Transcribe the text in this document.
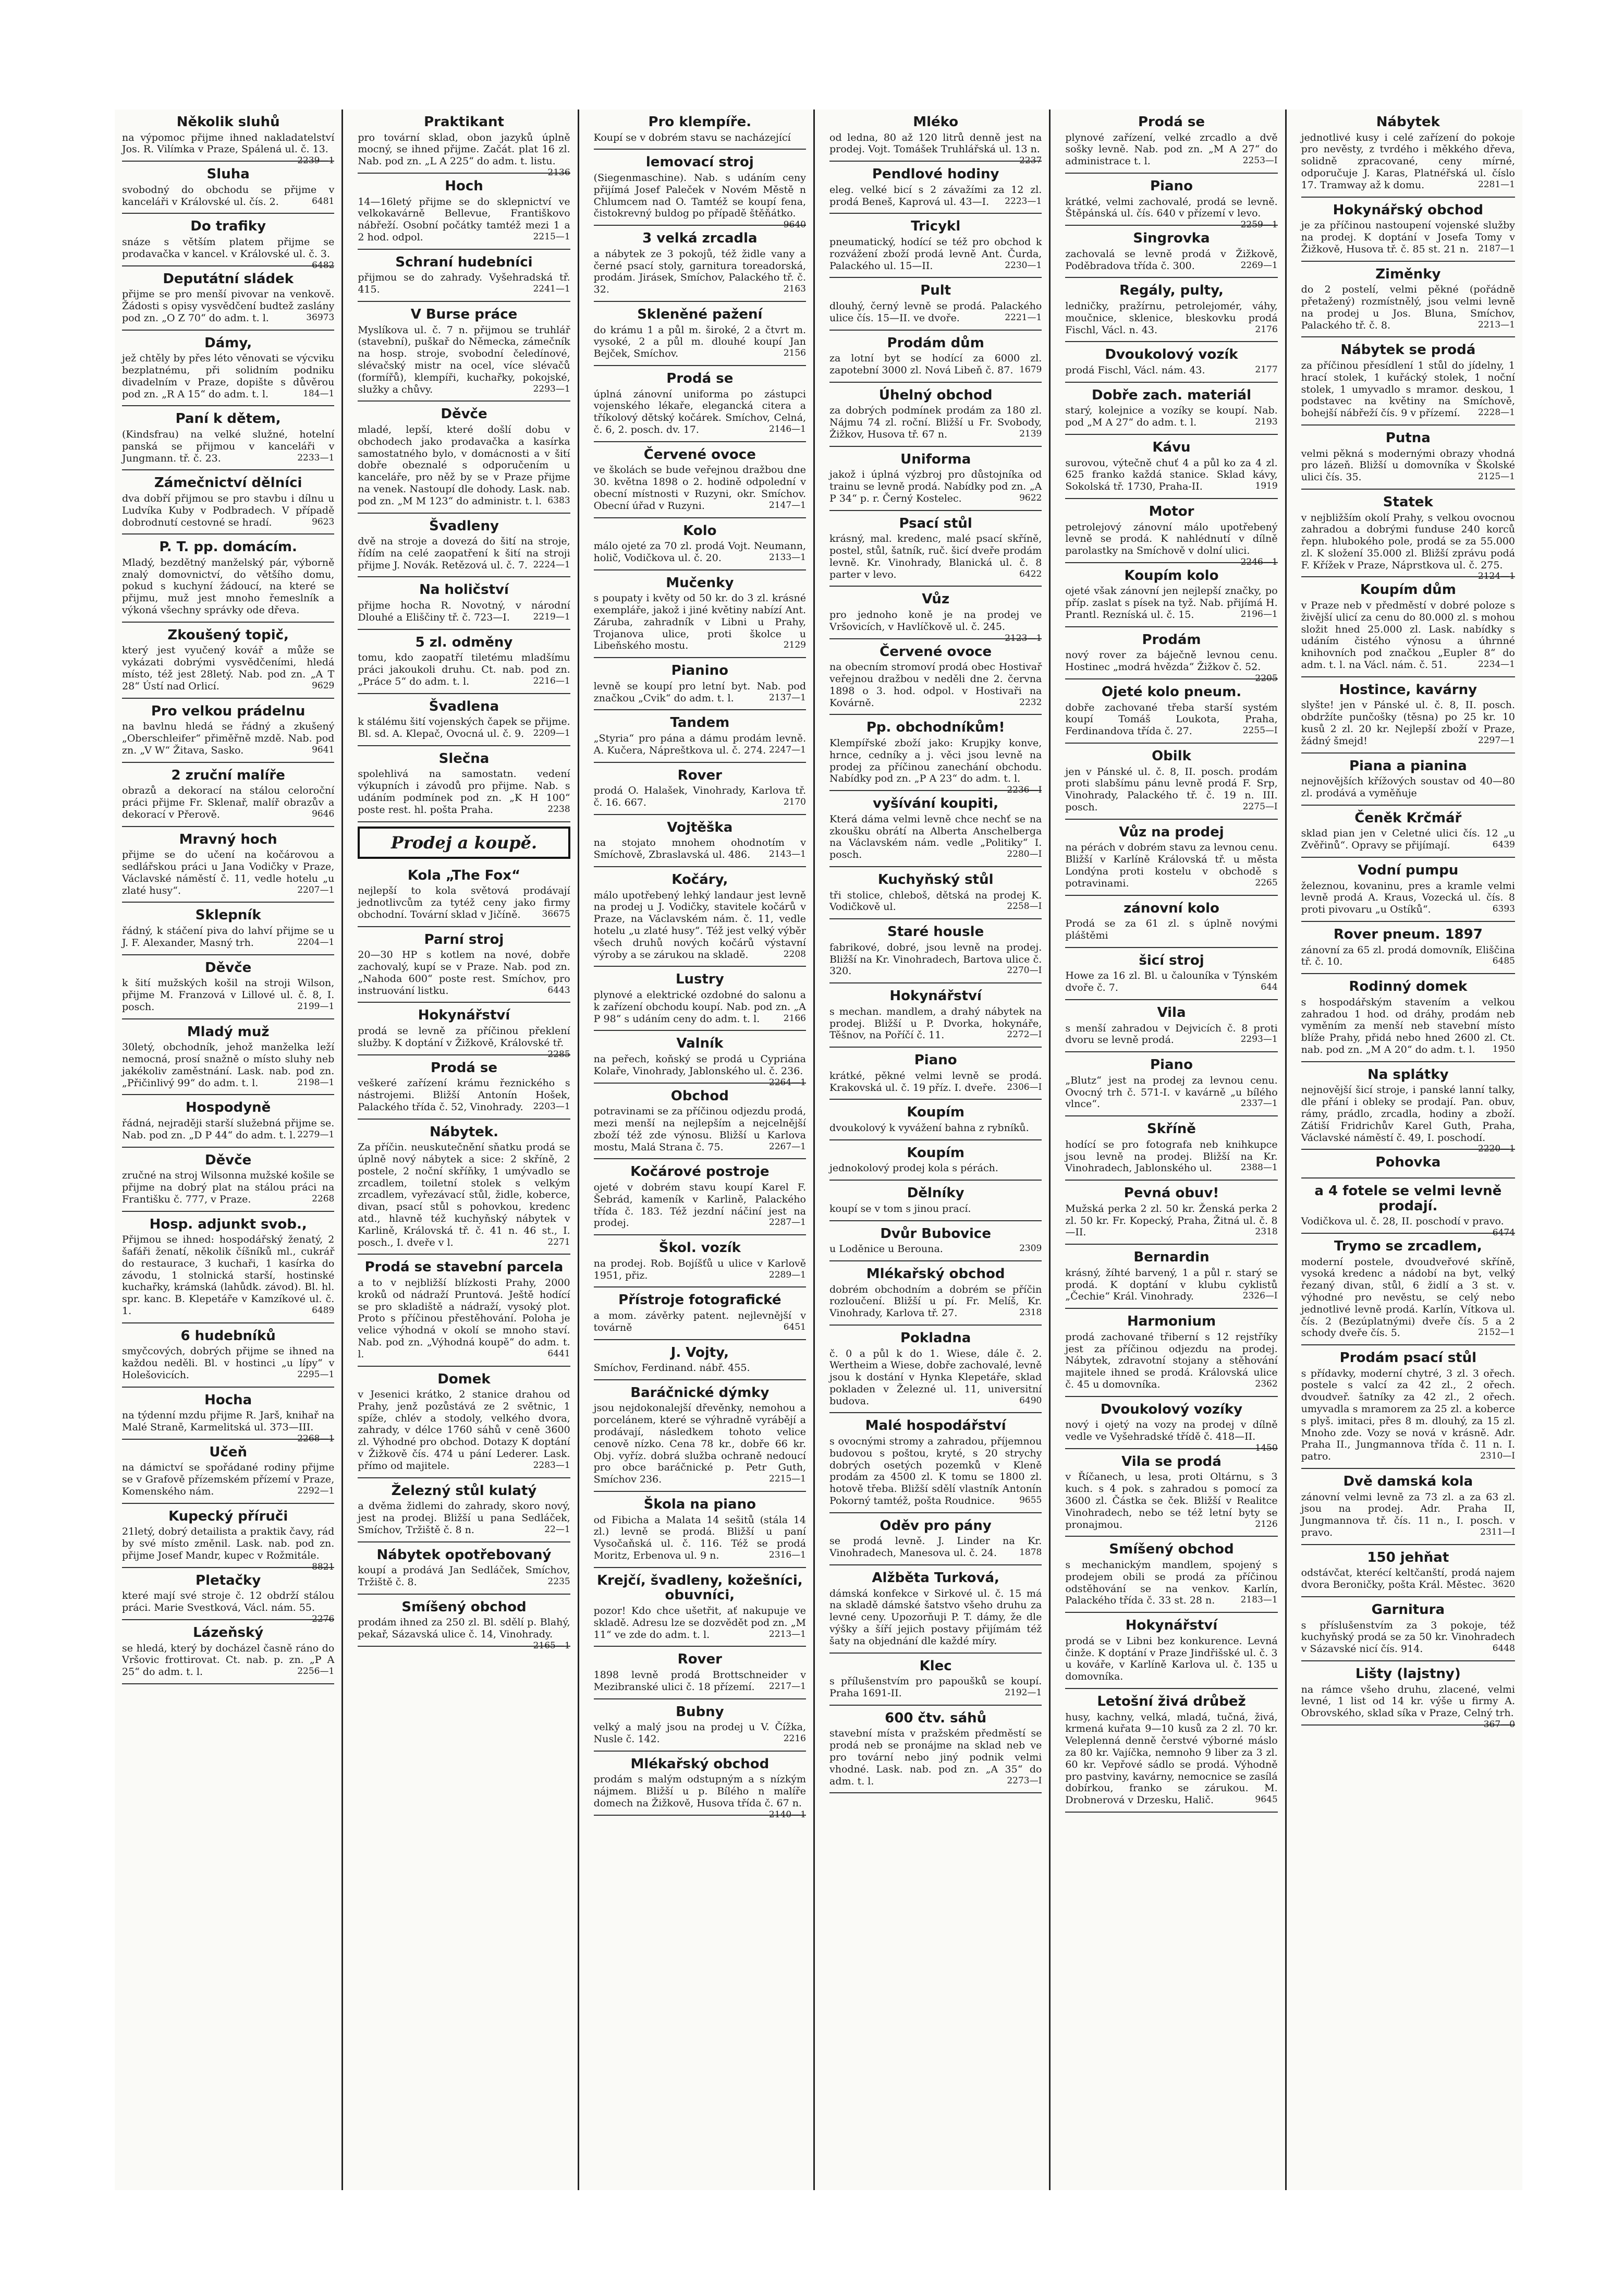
Několik sluhů
na výpomoc přijme ihned nakladatelství Jos. R. Vilímka v Praze, Spálená ul. č. 13.
2239—1
Sluha
svobodný do obchodu se přijme v kanceláři v Královské ul. čís. 2.	6481
Do trafiky
snáze s větším platem přijme se prodavačka v kancel. v Královské ul. č. 3.
6482
Deputátní sládek
přijme se pro menší pivovar na venkově. Žádosti s opisy vysvědčení budtež zaslány pod zn. „O Z 70“ do adm. t. l.	36973
Dámy,
jež chtěly by přes léto věnovati se výcviku bezplatnému, při solidním podniku divadelním v Praze, dopište s důvěrou pod zn. „R A 15“ do adm. t. l.	184—1
Paní k dětem,
(Kindsfrau) na velké služné, hotelní panská se přijmou v kanceláři v Jungmann. tř. č. 23.	2233—1
Zámečnictví dělníci
dva dobří přijmou se pro stavbu i dílnu u Ludvíka Kuby v Podbradech. V případě dobrodnutí cestovné se hradí.	9623
P. T. pp. domácím.
Mladý, bezdětný manželský pár, výborně znalý domovnictví, do většího domu, pokud s kuchyní žádoucí, na které se přijmu, muž jest mnoho řemeslník a výkoná všechny správky ode dřeva.
Zkoušený topič,
který jest vyučený kovář a může se vykázati dobrými vysvědčeními, hledá místo, též jest 28letý. Nab. pod zn. „A T 28“ Ústí nad Orlicí.	9629
Pro velkou prádelnu
na bavlnu hledá se řádný a zkušený „Oberschleifer“ přiměřně mzdě. Nab. pod zn. „V W“ Žitava, Sasko.	9641
2 zruční malíře
obrazů a dekorací na stálou celoroční práci přijme Fr. Sklenař, malíř obrazův a dekorací v Přerově.	9646
Mravný hoch
přijme se do učení na kočárovou a sedlářskou práci u Jana Vodičky v Praze, Václavské náměstí č. 11, vedle hotelu „u zlaté husy“.	2207—1
Sklepník
řádný, k stáčení piva do lahví přijme se u J. F. Alexander, Masný trh.	2204—1
Děvče
k šití mužských košil na stroji Wilson, přijme M. Franzová v Lillové ul. č. 8, I. posch.	2199—1
Mladý muž
30letý, obchodník, jehož manželka leží nemocná, prosí snažně o místo sluhy neb jakékoliv zaměstnání. Lask. nab. pod zn. „Přičinlivý 99“ do adm. t. l.	2198—1
Hospodyně
řádná, nejraději starší služebná přijme se. Nab. pod zn. „D P 44“ do adm. t. l. 2279—1
Děvče
zručné na stroj Wilsonna mužské košile se přijme na dobrý plat na stálou práci na Františku č. 777, v Praze.	2268
Hosp. adjunkt svob.,
Přijmou se ihned: hospodářský ženatý, 2 šafáři ženatí, několik číšníků ml., cukrář do restaurace, 3 kuchaři, 1 kasírka do závodu, 1 stolnická starší, hostinské kuchařky, krámská (lahůdk. závod). Bl. hl. spr. kanc. B. Klepetáře v Kamzíkové ul. č. 1.	6489
6 hudebníků
smyčcových, dobrých přijme se ihned na každou neděli. Bl. v hostinci „u lípy“ v Holešovicích.	2295—1
Hocha
na týdenní mzdu přijme R. Jarš, knihař na Malé Straně, Karmelitská ul. 373—III.
2268—1
Učeň
na dámictví se spořádané rodiny přijme se v Grafově přízemském přízemí v Praze, Komenského nám.	2292—1
Kupecký příruči
21letý, dobrý detailista a praktik čavy, rád by své místo změnil. Lask. nab. pod zn. přijme Josef Mandr, kupec v Rožmitále.
8821
Pletačky
které mají své stroje č. 12 obdrží stálou práci. Marie Svestková, Václ. nám. 55.
2276
Lázeňský
se hledá, který by docházel časně ráno do Vršovic frottirovat. Ct. nab. p. zn. „P A 25“ do adm. t. l.	2256—1
Praktikant
pro tovární sklad, obon jazyků úplně mocný, se ihned přijme. Začát. plat 16 zl. Nab. pod zn. „L A 225“ do adm. t. listu.
2136
Hoch
14—16letý přijme se do sklepnictví ve velkokavárně Bellevue, Františkovo nábřeží. Osobní počátky tamtéž mezi 1 a 2 hod. odpol.	2215—1
Schraní hudebníci
přijmou se do zahrady. Vyšehradská tř. 415.	2241—1
V Burse práce
Myslíkova ul. č. 7 n. přijmou se truhlář (stavební), puškař do Německa, zámečník na hosp. stroje, svobodní čeledínové, slévačský mistr na ocel, více slévačů (formířů), klempíři, kuchařky, pokojské, služky a chůvy.	2293—1
Děvče
mladé, lepší, které došlí dobu v obchodech jako prodavačka a kasírka samostatného bylo, v domácnosti a v šití dobře obeznalé s odporučením u kanceláře, pro něž by se v Praze přijme na venek. Nastoupí dle dohody. Lask. nab. pod zn. „M M 123“ do administr. t. l. 6383
Švadleny
dvě na stroje a dovezá do šití na stroje, řídím na celé zaopatření k šití na stroji přijme J. Novák. Retězová ul. č. 7. 2224—1
Na holičství
přijme hocha R. Novotný, v národní Dlouhé a Eliščiny tř. č. 723—I.	2219—1
5 zl. odměny
tomu, kdo zaopatří tiletému mladšímu práci jakoukoli druhu. Ct. nab. pod zn. „Práce 5“ do adm. t. l.	2216—1
Švadlena
k stálému šití vojenských čapek se přijme. Bl. sd. A. Klepač, Ovocná ul. č. 9. 2209—1
Slečna
spolehlivá na samostatn. vedení výkupních i závodů pro přijme. Nab. s udáním podmínek pod zn. „K H 100“ poste rest. hl. pošta Praha.	2238
Prodej a koupě.
Kola „The Fox“
nejlepší to kola světová prodávají jednotlivcům za tytéž ceny jako firmy obchodní. Tovární sklad v Jičíně. 36675
Parní stroj
20—30 HP s kotlem na nové, dobře zachovalý, kupí se v Praze. Nab. pod zn. „Nahoda 600“ poste rest. Smíchov, pro instruování listku.	6443
Hokynářství
prodá se levně za příčinou překlení služby. K doptání v Žižkově, Královské tř.
2285
Prodá se
veškeré zařízení krámu řeznického s nástrojemi. Bližší Antonín Hošek, Palackého třída č. 52, Vinohrady. 2203—1
Nábytek.
Za příčin. neuskutečnění sňatku prodá se úplně nový nábytek a sice: 2 skříně, 2 postele, 2 noční skříňky, 1 umývadlo se zrcadlem, toiletní stolek s velkým zrcadlem, vyřezávací stůl, židle, koberce, divan, psací stůl s pohovkou, kredenc atd., hlavně též kuchyňský nábytek v Karlině, Královská tř. č. 41 n. 46 st., I. posch., I. dveře v l.	2271
Prodá se stavební parcela
a to v nejbližší blízkosti Prahy, 2000 kroků od nádraží Pruntová. Ještě hodící se pro skladiště a nádraží, vysoký plot. Proto s příčinou přestěhování. Poloha je velice výhodná v okolí se mnoho staví. Nab. pod zn. „Výhodná koupě“ do adm. t. l.	6441
Domek
v Jesenici krátko, 2 stanice drahou od Prahy, jenž pozůstává ze 2 světnic, 1 spíže, chlév a stodoly, velkého dvora, zahrady, v délce 1760 sáhů v ceně 3600 zl. Výhodné pro obchod. Dotazy K doptání v Žižkově čís. 474 u pání Lederer. Lask. přímo od majitele.	2283—1
Železný stůl kulatý
a dvěma židlemi do zahrady, skoro nový, jest na prodej. Bližší u pana Sedláček, Smíchov, Tržiště č. 8 n.	22—1
Nábytek opotřebovaný
koupí a prodává Jan Sedláček, Smíchov, Tržiště č. 8.	2235
Smíšený obchod
prodám ihned za 250 zl. Bl. sdělí p. Blahý, pekař, Sázavská ulice č. 14, Vinohrady.
2165—1
Pro klempíře.
Koupí se v dobrém stavu se nacházející
lemovací stroj
(Siegenmaschine). Nab. s udáním ceny přijímá Josef Paleček v Novém Městě n Chlumcem nad O. Tamtéž se koupí fena, čistokrevný buldog po případě štěňátko.
9640
3 velká zrcadla
a nábytek ze 3 pokojů, též židle vany a černé psací stoly, garnitura toreadorská, prodám. Jirásek, Smíchov, Palackého tř. č. 32.	2163
Skleněné pažení
do krámu 1 a půl m. široké, 2 a čtvrt m. vysoké, 2 a půl m. dlouhé koupí Jan Bejček, Smíchov.	2156
Prodá se
úplná zánovní uniforma po zástupci vojenského lékaře, elegancká citera a tříkolový dětský kočárek. Smíchov, Celná, č. 6, 2. posch. dv. 17.	2146—1
Červené ovoce
ve školách se bude veřejnou dražbou dne 30. května 1898 o 2. hodině odpolední v obecní místnosti v Ruzyni, okr. Smíchov. Obecní úřad v Ruzyni.	2147—1
Kolo
málo ojeté za 70 zl. prodá Vojt. Neumann, holič, Vodičkova ul. č. 20.	2133—1
Mučenky
s poupaty i květy od 50 kr. do 3 zl. krásné exempláře, jakož i jiné květiny nabízí Ant. Záruba, zahradník v Libni u Prahy, Trojanova ulice, proti školce u Libeňského mostu.	2129
Pianino
levně se koupí pro letní byt. Nab. pod značkou „Cvik“ do adm. t. l.	2137—1
Tandem
„Styria“ pro pána a dámu prodám levně. A. Kučera, Nápreštkova ul. č. 274. 2247—1
Rover
prodá O. Halašek, Vinohrady, Karlova tř. č. 16. 667.	2170
Vojtěška
na stojato mnohem ohodnotím v Smíchově, Zbraslavská ul. 486. 2143—1
Kočáry,
málo upotřebený lehký landaur jest levně na prodej u J. Vodičky, stavitele kočárů v Praze, na Václavském nám. č. 11, vedle hotelu „u zlaté husy“. Též jest velký výběr všech druhů nových kočárů výstavní výroby a se zárukou na skladě.	2208
Lustry
plynové a elektrické ozdobné do salonu a k zařízení obchodu koupí. Nab. pod zn. „A P 98“ s udáním ceny do adm. t. l.	2166
Valník
na peřech, koňský se prodá u Cypriána Kolaře, Vinohrady, Jablonského ul. č. 236.
2264—1
Obchod
potravinami se za příčinou odjezdu prodá, mezi menší na nejlepším a nejcelnější zboží též zde výnosu. Bližší u Karlova mostu, Malá Strana č. 75.	2267—1
Kočárové postroje
ojeté v dobrém stavu koupí Karel F. Šebrád, kameník v Karlině, Palackého třída č. 183. Též jezdní náčiní jest na prodej.	2287—1
Škol. vozík
na prodej. Rob. Bojíšťů u ulice v Karlově 1951, přiz.	2289—1
Přístroje fotografické
a mom. závěrky patent. nejlevnější v továrně	6451
J. Vojty,
Smíchov, Ferdinand. nábř. 455.
Baráčnické dýmky
jsou nejdokonalejší dřevěnky, nemohou a porcelánem, které se výhradně vyrábějí a prodávají, následkem tohoto velice cenově nízko. Cena 78 kr., dobře 66 kr. Obj. vyříz. dobrá služba ochraně nedoucí pro obce baráčnické p. Petr Guth, Smíchov 236.	2215—1
Škola na piano
od Fibicha a Malata 14 sešitů (stála 14 zl.) levně se prodá. Bližší u paní Vysočaňská ul. č. 116. Též se prodá Moritz, Erbenova ul. 9 n.	2316—1
Krejčí, švadleny, kožešníci, obuvníci,
pozor! Kdo chce ušetřit, ať nakupuje ve skladě. Adresu lze se dozvědět pod zn. „M 11“ ve zde do adm. t. l.	2213—1
Rover
1898 levně prodá Brottschneider v Mezibranské ulici č. 18 přízemí. 2217—1
Bubny
velký a malý jsou na prodej u V. Čížka, Nusle č. 142.	2216
Mlékařský obchod
prodám s malým odstupným a s nízkým nájmem. Bližší u p. Bílého n malíře domech na Žižkově, Husova třída č. 67 n.
2140—1
Mléko
od ledna, 80 až 120 litrů denně jest na prodej. Vojt. Tomášek Truhlářská ul. 13 n.
2237
Pendlové hodiny
eleg. velké bicí s 2 závažími za 12 zl. prodá Beneš, Kaprová ul. 43—I. 2223—1
Tricykl
pneumatický, hodící se též pro obchod k rozvážení zboží prodá levně Ant. Čurda, Palackého ul. 15—II.	2230—1
Pult
dlouhý, černý levně se prodá. Palackého ulice čís. 15—II. ve dvoře.	2221—1
Prodám dům
za lotní byt se hodící za 6000 zl. zapotební 3000 zl. Nová Libeň č. 87. 1679
Úhelný obchod
za dobrých podmínek prodám za 180 zl. Nájmu 74 zl. roční. Bližší u Fr. Svobody, Žižkov, Husova tř. 67 n.	2139
Uniforma
jakož i úplná výzbroj pro důstojníka od trainu se levně prodá. Nabídky pod zn. „A P 34“ p. r. Černý Kostelec.	9622
Psací stůl
krásný, mal. kredenc, malé psací skříně, postel, stůl, šatník, ruč. šicí dveře prodám levně. Kr. Vinohrady, Blanická ul. č. 8 parter v levo.	6422
Vůz
pro jednoho koně je na prodej ve Vršovicích, v Havlíčkově ul. č. 245.
2123—1
Červené ovoce
na obecním stromoví prodá obec Hostivař veřejnou dražbou v neděli dne 2. června 1898 o 3. hod. odpol. v Hostivaři na Kovárně.	2232
Pp. obchodníkům!
Klempířské zboží jako: Krupjky konve, hrnce, cedníky a j. věci jsou levně na prodej za příčinou zanechání obchodu. Nabídky pod zn. „P A 23“ do adm. t. l.
2236—I
vyšívání koupiti,
Která dáma velmi levně chce nechť se na zkoušku obrátí na Alberta Anschelberga na Václavském nám. vedle „Politiky“ I. posch.	2280—I
Kuchyňský stůl
tři stolice, chleboš, dětská na prodej K. Vodičkově ul.	2258—I
Staré housle
fabrikové, dobré, jsou levně na prodej. Bližší na Kr. Vinohradech, Bartova ulice č. 320.	2270—I
Hokynářství
s mechan. mandlem, a drahý nábytek na prodej. Bližší u P. Dvorka, hokynáře, Těšnov, na Poříčí č. 11.	2272—I
Piano
krátké, pěkné velmi levně se prodá. Krakovská ul. č. 19 příz. I. dveře. 2306—I
Koupím
dvoukolový k vyvážení bahna z rybníků.
Koupím
jednokolový prodej kola s pérách.
Dělníky
koupí se v tom s jinou prací.
Dvůr Bubovice
u Loděnice u Berouna.	2309
Mlékařský obchod
dobrém obchodním a dobrém se příčin rozloučení. Bližší u pí. Fr. Melíš, Kr. Vinohrady, Karlova tř. 27.	2318
Pokladna
č. 0 a půl k do 1. Wiese, dále č. 2. Wertheim a Wiese, dobře zachovalé, levně jsou k dostání v Hynka Klepetáře, sklad pokladen v Železné ul. 11, universitní budova.	6490
Malé hospodářství
s ovocnými stromy a zahradou, příjemnou budovou s poštou, kryté, s 20 strychy dobrých osetých pozemků v Kleně prodám za 4500 zl. K tomu se 1800 zl. hotově třeba. Bližší sdělí vlastník Antonín Pokorný tamtéž, pošta Roudnice.	9655
Oděv pro pány
se prodá levně. J. Linder na Kr. Vinohradech, Manesova ul. č. 24.	1878
Alžběta Turková,
dámská konfekce v Sirkové ul. č. 15 má na skladě dámské šatstvo všeho druhu za levné ceny. Upozorňuji P. T. dámy, že dle výšky a šíří jejich postavy přijímám též šaty na objednání dle každé míry.
Klec
s přílušenstvím pro papoušků se koupí. Praha 1691-II.	2192—1
600 čtv. sáhů
stavební místa v pražském předměstí se prodá neb se pronájme na sklad neb ve pro tovární nebo jiný podnik velmi vhodné. Lask. nab. pod zn. „A 35“ do adm. t. l.	2273—I
Prodá se
plynové zařízení, velké zrcadlo a dvě sošky levně. Nab. pod zn. „M A 27“ do administrace t. l.	2253—I
Piano
krátké, velmi zachovalé, prodá se levně. Štěpánská ul. čís. 640 v přízemí v levo.
2259—1
Singrovka
zachovalá se levně prodá v Žižkově, Poděbradova třída č. 300.	2269—1
Regály, pulty,
ledničky, pražírnu, petrolejomér, váhy, moučnice, sklenice, bleskovku prodá Fischl, Václ. n. 43.	2176
Dvoukolový vozík
prodá Fischl, Václ. nám. 43.	2177
Dobře zach. materiál
starý, kolejnice a vozíky se koupí. Nab. pod „M A 27“ do adm. t. l.	2193
Kávu
surovou, výtečně chuť 4 a půl ko za 4 zl. 625 franko každá stanice. Sklad kávy, Sokolská tř. 1730, Praha-II.	1919
Motor
petrolejový zánovní málo upotřebený levně se prodá. K nahlédnutí v dílně parolastky na Smíchově v dolní ulici.
2246—1
Koupím kolo
ojeté však zánovní jen nejlepší značky, po příp. zaslat s písek na tyž. Nab. přijímá H. Prantl. Rezníská ul. č. 15.	2196—1
Prodám
nový rover za báječně levnou cenu. Hostinec „modrá hvězda“ Žižkov č. 52.
2205
Ojeté kolo pneum.
dobře zachované třeba starší systém koupí Tomáš Loukota, Praha, Ferdinandova třída č. 27.	2255—I
Obilk
jen v Pánské ul. č. 8, II. posch. prodám proti slabšímu pánu levně prodá F. Srp, Vinohrady, Palackého tř. č. 19 n. III. posch.	2275—I
Vůz na prodej
na pérách v dobrém stavu za levnou cenu. Bližší v Karlíně Královská tř. u města Londýna proti kostelu v obchodě s potravinami.	2265
zánovní kolo
Prodá se za 61 zl. s úplně novými pláštěmi
šicí stroj
Howe za 16 zl. Bl. u čalouníka v Týnském dvoře č. 7.	644
Vila
s menší zahradou v Dejvicích č. 8 proti dvoru se levně prodá.	2293—1
Piano
„Blutz“ jest na prodej za levnou cenu. Ovocný trh č. 571-I. v kavárně „u bílého vlnce“.	2337—1
Skříně
hodící se pro fotografa neb knihkupce jsou levně na prodej. Bližší na Kr. Vinohradech, Jablonského ul.	2388—1
Pevná obuv!
Mužská perka 2 zl. 50 kr. Ženská perka 2 zl. 50 kr. Fr. Kopecký, Praha, Žitná ul. č. 8—II.	2318
Bernardin
krásný, žíhté barvený, 1 a půl r. starý se prodá. K doptání v klubu cyklistů „Čechie“ Král. Vinohrady.	2326—I
Harmonium
prodá zachované třiberní s 12 rejstříky jest za příčinou odjezdu na prodej. Nábytek, zdravotní stojany a stěhování majitele ihned se prodá. Královská ulice č. 45 u domovníka.	2362
Dvoukolový vozíky
nový i ojetý na vozy na prodej v dílně vedle ve Vyšehradské třídě č. 418—II.
1450
Vila se prodá
v Říčanech, u lesa, proti Oltárnu, s 3 kuch. s 4 pok. s zahradou s pomocí za 3600 zl. Částka se ček. Bližší v Realitce Vinohradech, nebo se též letní byty se pronajmou.	2126
Smíšený obchod
s mechanickým mandlem, spojený s prodejem obili se prodá za příčinou odstěhování se na venkov. Karlín, Palackého třída č. 33 st. 28 n.	2183—1
Hokynářství
prodá se v Libni bez konkurence. Levná činže. K doptání v Praze Jindřišské ul. č. 3 u kováře, v Karlíně Karlova ul. č. 135 u domovníka.
Letošní živá drůbež
husy, kachny, velká, mladá, tučná, živá, krmená kuřata 9—10 kusů za 2 zl. 70 kr. Veleplenná denně čerstvé výborné máslo za 80 kr. Vajíčka, nemnoho 9 liber za 3 zl. 60 kr. Vepřové sádlo se prodá. Výhodně pro pastviny, kavárny, nemocnice se zasílá dobírkou, franko se zárukou. M. Drobnerová v Drzesku, Halič.	9645
Nábytek
jednotlivé kusy i celé zařízení do pokoje pro nevěsty, z tvrdého i měkkého dřeva, solidně zpracované, ceny mírné, odporučuje J. Karas, Platnéřská ul. číslo 17. Tramway až k domu.	2281—1
Hokynářský obchod
je za příčinou nastoupení vojenské služby na prodej. K doptání v Josefa Tomy v Žižkově, Husova tř. č. 85 st. 21 n. 2187—1
Ziměnky
do 2 postelí, velmi pěkné (pořádně přetažený) rozmístnělý, jsou velmi levně na prodej u Jos. Bluna, Smíchov, Palackého tř. č. 8.	2213—1
Nábytek se prodá
za příčinou přesídlení 1 stůl do jídelny, 1 hrací stolek, 1 kuřácký stolek, 1 noční stolek, 1 umyvadlo s mramor. deskou, 1 podstavec na květiny na Smíchově, bohejší nábřeží čís. 9 v přízemí. 2228—1
Putna
velmi pěkná s modernými obrazy vhodná pro lázeň. Bližší u domovníka v Školské ulici čís. 35.	2125—1
Statek
v nejbližším okolí Prahy, s velkou ovocnou zahradou a dobrými funduse 240 korců řepn. hlubokého pole, prodá se za 55.000 zl. K složení 35.000 zl. Bližší zprávu podá F. Křížek v Praze, Náprstkova ul. č. 275.
2124—1
Koupím dům
v Praze neb v předměstí v dobré poloze s živější ulicí za cenu do 80.000 zl. s mohou složit hned 25.000 zl. Lask. nabídky s udáním čistého výnosu a úhrnné knihovních pod značkou „Eupler 8“ do adm. t. l. na Václ. nám. č. 51.	2234—1
Hostince, kavárny
slyšte! jen v Pánské ul. č. 8, II. posch. obdržíte punčošky (těsna) po 25 kr. 10 kusů 2 zl. 20 kr. Nejlepší zboží v Praze, žádný šmejd!	2297—1
Piana a pianina
nejnovějších křížových soustav od 40—80 zl. prodává a vyměňuje
Čeněk Krčmář
sklad pian jen v Celetné ulici čís. 12 „u Zvěřinů“. Opravy se přijímají.	6439
Vodní pumpu
železnou, kovaninu, pres a kramle velmi levně prodá A. Kraus, Vozecká ul. čís. 8 proti pivovaru „u Ostíků“.	6393
Rover pneum. 1897
zánovní za 65 zl. prodá domovník, Eliščina tř. č. 10.	6485
Rodinný domek
s hospodářským stavením a velkou zahradou 1 hod. od dráhy, prodám neb vyměním za menší neb stavební místo blíže Prahy, přidá nebo hned 2600 zl. Ct. nab. pod zn. „M A 20“ do adm. t. l. 1950
Na splátky
nejnovější šicí stroje, i panské lanní talky, dle přání i obleky se prodají. Pan. obuv, rámy, prádlo, zrcadla, hodiny a zboží. Zátiší Fridrichův Karel Guth, Praha, Václavské náměstí č. 49, I. poschodí.
2220—1
Pohovka
a 4 fotele se velmi levně prodají.
Vodičkova ul. č. 28, II. poschodí v pravo.
6474
Trymo se zrcadlem,
moderní postele, dvoudveřové skříně, vysoká kredenc a nádobí na byt, velký řezaný divan, stůl, 6 židlí a 3 st. v. výhodné pro nevěstu, se celý nebo jednotlivé levně prodá. Karlín, Vítkova ul. čís. 2 (Bezúplatnými) dveře čís. 5 a 2 schody dveře čís. 5.	2152—1
Prodám psací stůl
s přídavky, moderní chytré, 3 zl. 3 ořech. postele s valcí za 42 zl., 2 ořech. dvoudveř. šatníky za 42 zl., 2 ořech. umyvadla s mramorem za 25 zl. a koberce s plyš. imitaci, přes 8 m. dlouhý, za 15 zl. Mnoho zde. Vozy se nová v krásně. Adr. Praha II., Jungmannova třída č. 11 n. I. patro.	2310—I
Dvě damská kola
zánovní velmi levně za 73 zl. a za 63 zl. jsou na prodej. Adr. Praha II, Jungmannova tř. čís. 11 n., I. posch. v pravo.	2311—I
150 jehňat
odstávčat, kterécí keltčanští, prodá najem dvora Beroničky, pošta Král. Městec. 3620
Garnitura
s příslušenstvím za 3 pokoje, též kuchyňský prodá se za 50 kr. Vinohradech v Sázavské nicí čís. 914.	6448
Lišty (lajstny)
na rámce všeho druhu, zlacené, velmi levné, 1 list od 14 kr. výše u firmy A. Obrovského, sklad síka v Praze, Celný trh.
367—0
